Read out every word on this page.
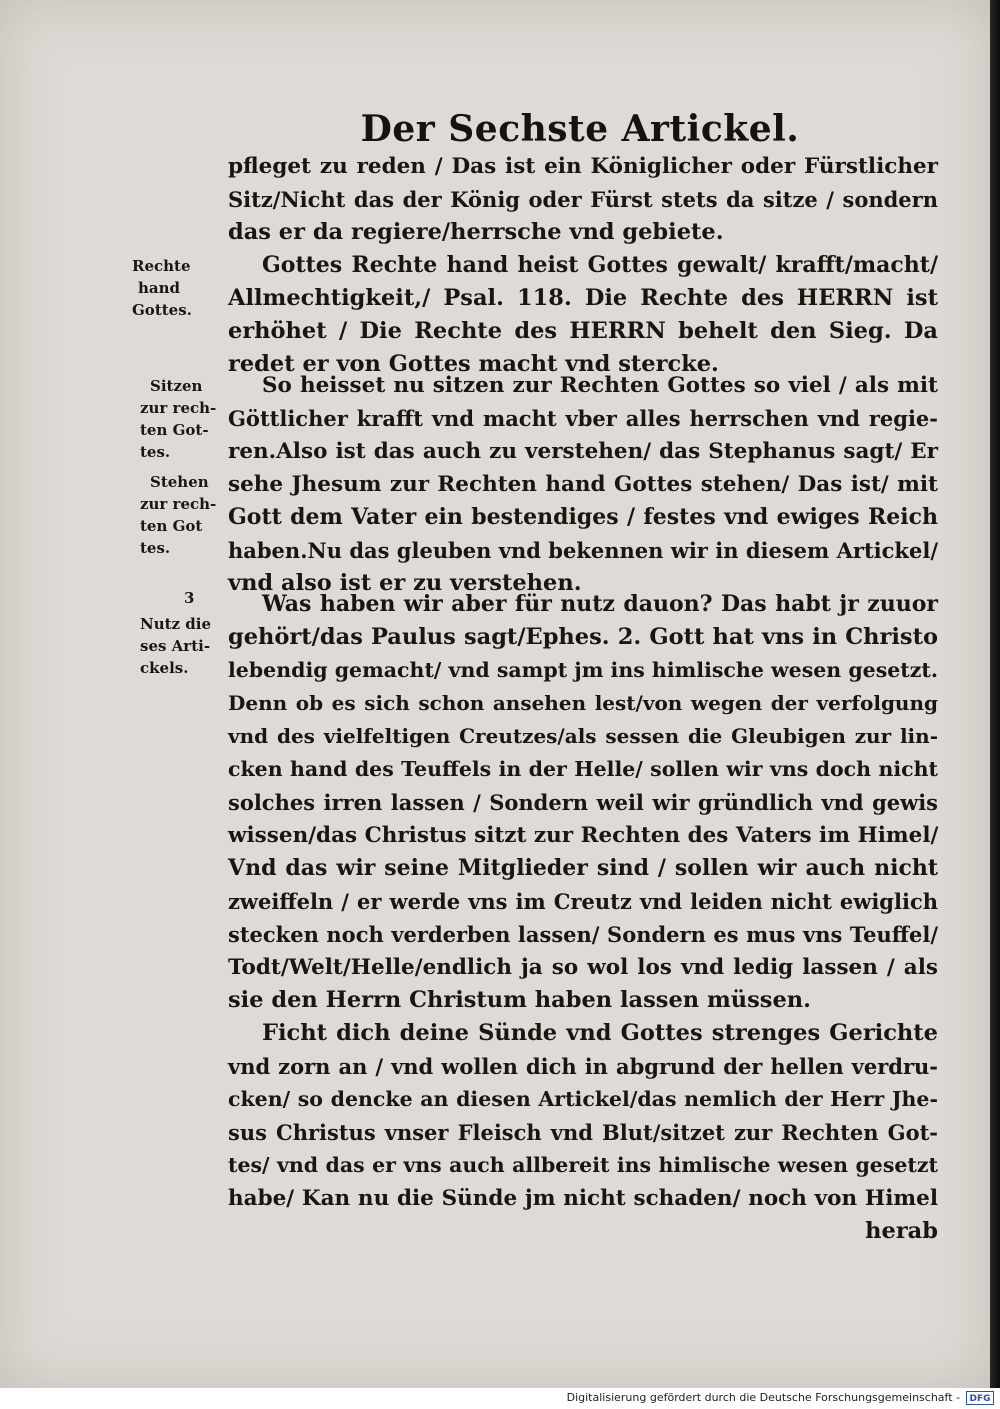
Der Sechste Artickel.
pfleget zu reden / Das ist ein Königlicher oder Fürstlicher
Sitz/Nicht das der König oder Fürst stets da sitze / sondern
das er da regiere/herrsche vnd gebiete.
Gottes Rechte hand heist Gottes gewalt/ krafft/macht/
Allmechtigkeit,/ Psal. 118. Die Rechte des HERRN ist
erhöhet / Die Rechte des HERRN behelt den Sieg. Da
redet er von Gottes macht vnd stercke.
So heisset nu sitzen zur Rechten Gottes so viel / als mit
Göttlicher krafft vnd macht vber alles herrschen vnd regie-
ren.Also ist das auch zu verstehen/ das Stephanus sagt/ Er
sehe Jhesum zur Rechten hand Gottes stehen/ Das ist/ mit
Gott dem Vater ein bestendiges / festes vnd ewiges Reich
haben.Nu das gleuben vnd bekennen wir in diesem Artickel/
vnd also ist er zu verstehen.
Was haben wir aber für nutz dauon? Das habt jr zuuor
gehört/das Paulus sagt/Ephes. 2. Gott hat vns in Christo
lebendig gemacht/ vnd sampt jm ins himlische wesen gesetzt.
Denn ob es sich schon ansehen lest/von wegen der verfolgung
vnd des vielfeltigen Creutzes/als sessen die Gleubigen zur lin-
cken hand des Teuffels in der Helle/ sollen wir vns doch nicht
solches irren lassen / Sondern weil wir gründlich vnd gewis
wissen/das Christus sitzt zur Rechten des Vaters im Himel/
Vnd das wir seine Mitglieder sind / sollen wir auch nicht
zweiffeln / er werde vns im Creutz vnd leiden nicht ewiglich
stecken noch verderben lassen/ Sondern es mus vns Teuffel/
Todt/Welt/Helle/endlich ja so wol los vnd ledig lassen / als
sie den Herrn Christum haben lassen müssen.
Ficht dich deine Sünde vnd Gottes strenges Gerichte
vnd zorn an / vnd wollen dich in abgrund der hellen verdru-
cken/ so dencke an diesen Artickel/das nemlich der Herr Jhe-
sus Christus vnser Fleisch vnd Blut/sitzet zur Rechten Got-
tes/ vnd das er vns auch allbereit ins himlische wesen gesetzt
habe/ Kan nu die Sünde jm nicht schaden/ noch von Himel
herab
Rechte
hand
Gottes.
Sitzen
zur rech-
ten Got-
tes.
Stehen
zur rech-
ten Got
tes.
3
Nutz die
ses Arti-
ckels.
Digitalisierung gefördert durch die Deutsche Forschungsgemeinschaft -	DFG
